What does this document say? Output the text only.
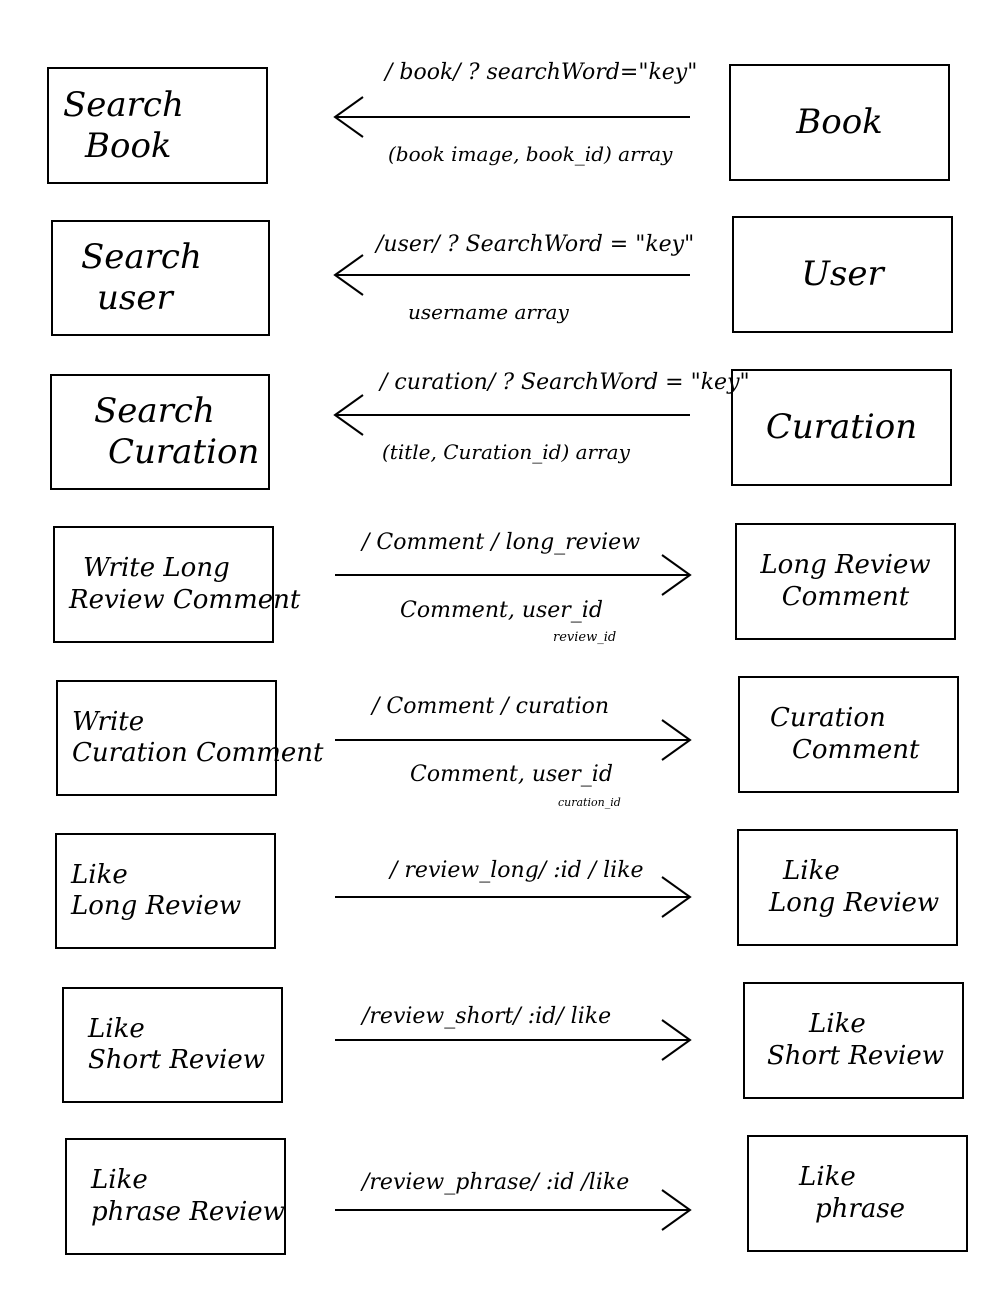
Search
Book
Book
/ book/ ? searchWord="key"
(book image, book_id) array
Search
user
User
/user/ ? SearchWord = "key"
username array
Search
Curation
Curation
/ curation/ ? SearchWord = "key"
(title, Curation_id) array
Write Long
Review Comment
Long Review
Comment
/ Comment / long_review
Comment, user_id
review_id
Write
Curation Comment
Curation
Comment
/ Comment / curation
Comment, user_id
curation_id
Like
Long Review
Like
Long Review
/ review_long/ :id / like
Like
Short Review
Like
Short Review
/review_short/ :id/ like
Like
phrase Review
Like
phrase
/review_phrase/ :id /like
